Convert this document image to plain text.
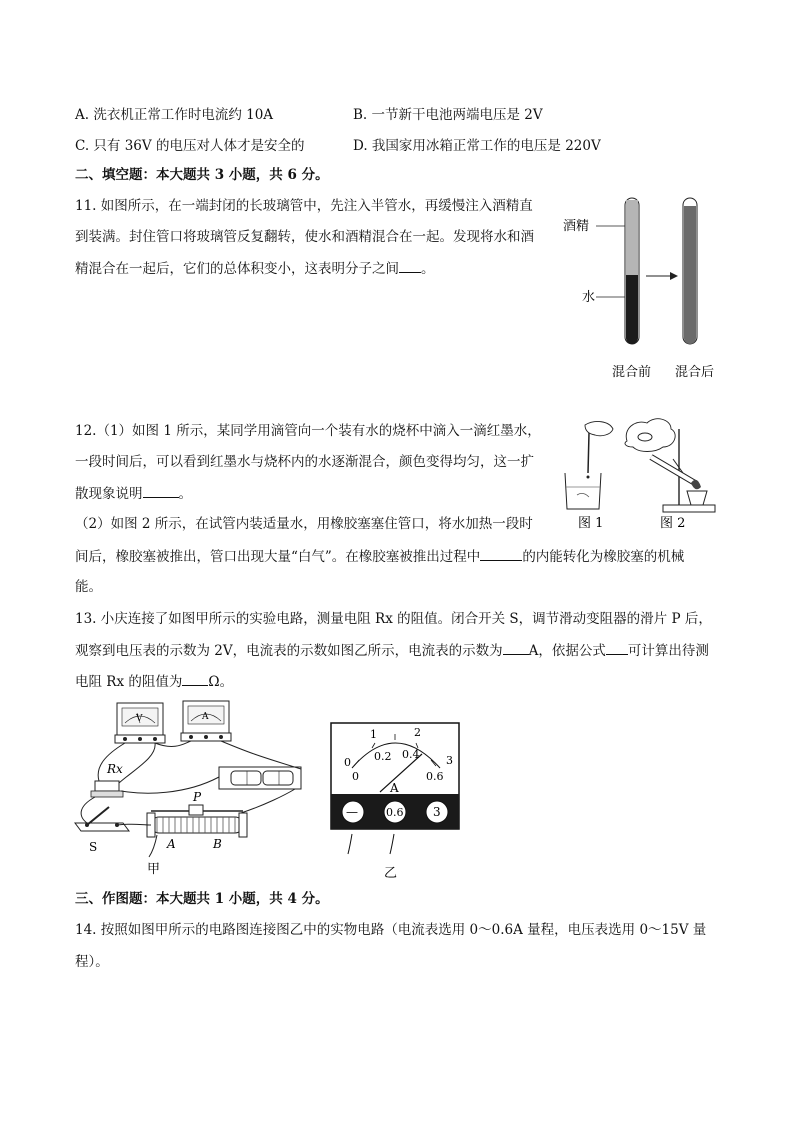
A. 洗衣机正常工作时电流约 10A	B. 一节新干电池两端电压是 2V
C. 只有 36V 的电压对人体才是安全的	D. 我国家用冰箱正常工作的电压是 220V
二、填空题：本大题共 3 小题，共 6 分。
11. 如图所示，在一端封闭的长玻璃管中，先注入半管水，再缓慢注入酒精直
到装满。封住管口将玻璃管反复翻转，使水和酒精混合在一起。发现将水和酒
精混合在一起后，它们的总体积变小，这表明分子之间 。
酒精
水
混合前 混合后
12.（1）如图 1 所示，某同学用滴管向一个装有水的烧杯中滴入一滴红墨水，
一段时间后，可以看到红墨水与烧杯内的水逐渐混合，颜色变得均匀，这一扩
散现象说明	。
（2）如图 2 所示，在试管内装适量水，用橡胶塞塞住管口，将水加热一段时
间后，橡胶塞被推出，管口出现大量“白气”。在橡胶塞被推出过程中	的内能转化为橡胶塞的机械
能。
图 1	图 2
13. 小庆连接了如图甲所示的实验电路，测量电阻 Rx 的阻值。闭合开关 S，调节滑动变阻器的滑片 P 后，
观察到电压表的示数为 2V，电流表的示数如图乙所示，电流表的示数为 A，依据公式 可计算出待测
电阻 Rx 的阻值为 Ω。
V	A
Rx
S
P
A	B
甲
0
1	2
3
0
0.2 0.4
0.6
A
—	0.6 3
乙
三、作图题：本大题共 1 小题，共 4 分。
14. 按照如图甲所示的电路图连接图乙中的实物电路（电流表选用 0～0.6A 量程，电压表选用 0～15V 量
程）。
